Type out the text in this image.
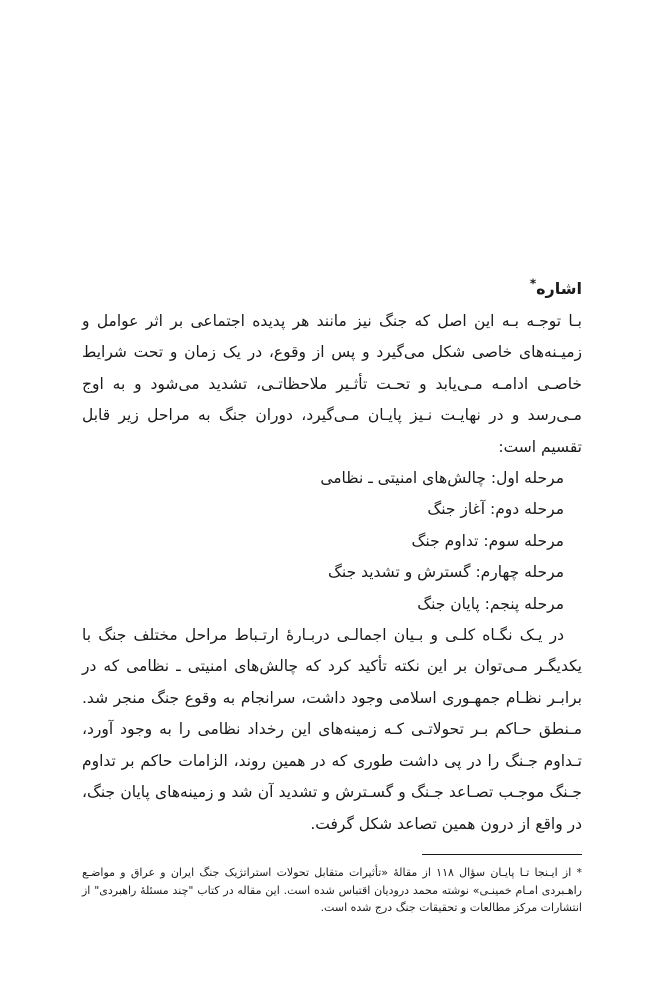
اشاره*

بـا توجـه بـه این اصل که جنگ نیز مانند هر پدیده اجتماعی بر اثر عوامل و زمیـنه‌های خاصی شکل می‌گیرد و پس از وقوع، در یک زمان و تحت شرایط خاصـی ادامـه مـی‌یابد و تحـت تأثـیر ملاحظاتـی، تشدید می‌شود و به اوج مـی‌رسد و در نهایـت نـیز پایـان مـی‌گیرد، دوران جنگ به مراحل زیر قابل تقسیم است:

مرحله اول: چالش‌های امنیتی ـ نظامی
مرحله دوم: آغاز جنگ
مرحله سوم: تداوم جنگ
مرحله چهارم: گسترش و تشدید جنگ
مرحله پنجم: پایان جنگ

در یـک نگـاه کلـی و بـیان اجمالـی دربـارهٔ ارتـباط مراحل مختلف جنگ با یکدیگـر مـی‌توان بر این نکته تأکید کرد که چالش‌های امنیتی ـ نظامی که در برابـر نظـام جمهـوری اسلامی وجود داشت، سرانجام به وقوع جنگ منجر شد. مـنطق حـاکم بـر تحولاتـی کـه زمینه‌های این رخداد نظامی را به وجود آورد، تـداوم جـنگ را در پی داشت طوری که در همین روند، الزامات حاکم بر تداوم جـنگ موجـب تصـاعد جـنگ و گسـترش و تشدید آن شد و زمینه‌های پایان جنگ، در واقع از درون همین تصاعد شکل گرفت.

* از ایـنجا تـا پایـان سؤال ۱۱۸ از مقالهٔ «تأثیرات متقابل تحولات استراتژیک جنگ ایران و عراق و مواضـع راهـبردی امـام خمینـی» نوشته محمد درودیان اقتباس شده است. این مقاله در کتاب "چند مسئلهٔ راهبردی" از انتشارات مرکز مطالعات و تحقیقات جنگ درج شده است.
